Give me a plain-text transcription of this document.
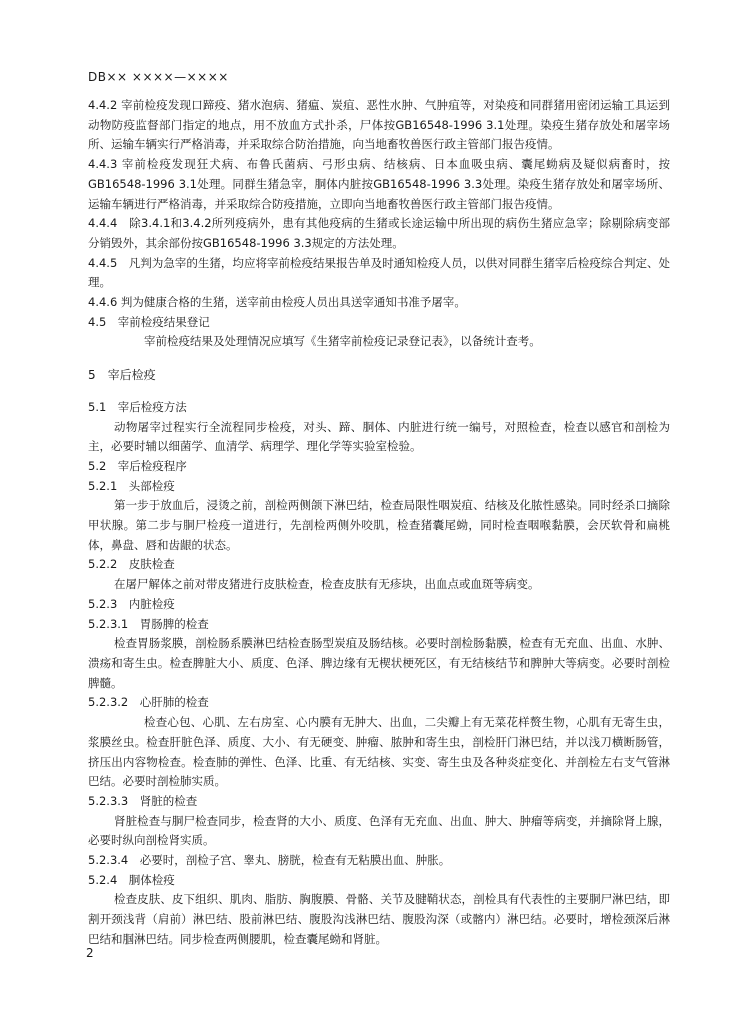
DB×× ××××—××××

4.4.2 宰前检疫发现口蹄疫、猪水泡病、猪瘟、炭疽、恶性水肿、气肿疽等，对染疫和同群猪用密闭运输工具运到动物防疫监督部门指定的地点，用不放血方式扑杀，尸体按GB16548-1996 3.1处理。染疫生猪存放处和屠宰场所、运输车辆实行严格消毒，并采取综合防治措施，向当地畜牧兽医行政主管部门报告疫情。

4.4.3 宰前检疫发现狂犬病、布鲁氏菌病、弓形虫病、结核病、日本血吸虫病、囊尾蚴病及疑似病畜时，按GB16548-1996 3.1处理。同群生猪急宰，胴体内脏按GB16548-1996 3.3处理。染疫生猪存放处和屠宰场所、运输车辆进行严格消毒，并采取综合防疫措施，立即向当地畜牧兽医行政主管部门报告疫情。

4.4.4　除3.4.1和3.4.2所列疫病外，患有其他疫病的生猪或长途运输中所出现的病伤生猪应急宰；除剔除病变部分销毁外，其余部份按GB16548-1996 3.3规定的方法处理。

4.4.5　凡判为急宰的生猪，均应将宰前检疫结果报告单及时通知检疫人员，以供对同群生猪宰后检疫综合判定、处理。

4.4.6 判为健康合格的生猪，送宰前由检疫人员出具送宰通知书准予屠宰。

4.5　宰前检疫结果登记

宰前检疫结果及处理情况应填写《生猪宰前检疫记录登记表》，以备统计查考。

5　宰后检疫

5.1　宰后检疫方法

动物屠宰过程实行全流程同步检疫，对头、蹄、胴体、内脏进行统一编号，对照检查，检查以感官和剖检为主，必要时辅以细菌学、血清学、病理学、理化学等实验室检验。

5.2　宰后检疫程序

5.2.1　头部检疫

第一步于放血后，浸烫之前，剖检两侧颌下淋巴结，检查局限性咽炭疽、结核及化脓性感染。同时经杀口摘除甲状腺。第二步与胴尸检疫一道进行，先剖检两侧外咬肌，检查猪囊尾蚴，同时检查咽喉黏膜，会厌软骨和扁桃体，鼻盘、唇和齿龈的状态。

5.2.2　皮肤检查

在屠尸解体之前对带皮猪进行皮肤检查，检查皮肤有无疹块，出血点或血斑等病变。

5.2.3　内脏检疫

5.2.3.1　胃肠脾的检查

检查胃肠浆膜，剖检肠系膜淋巴结检查肠型炭疽及肠结核。必要时剖检肠黏膜，检查有无充血、出血、水肿、溃疡和寄生虫。检查脾脏大小、质度、色泽、脾边缘有无楔状梗死区，有无结核结节和脾肿大等病变。必要时剖检脾髓。

5.2.3.2　心肝肺的检查

检查心包、心肌、左右房室、心内膜有无肿大、出血，二尖瓣上有无菜花样赘生物，心肌有无寄生虫，浆膜丝虫。检查肝脏色泽、质度、大小、有无硬变、肿瘤、脓肿和寄生虫，剖检肝门淋巴结，并以浅刀横断肠管，挤压出内容物检查。检查肺的弹性、色泽、比重、有无结核、实变、寄生虫及各种炎症变化、并剖检左右支气管淋巴结。必要时剖检肺实质。

5.2.3.3　肾脏的检查

肾脏检查与胴尸检查同步，检查肾的大小、质度、色泽有无充血、出血、肿大、肿瘤等病变，并摘除肾上腺，必要时纵向剖检肾实质。

5.2.3.4　必要时，剖检子宫、睾丸、膀胱，检查有无粘膜出血、肿胀。

5.2.4　胴体检疫

检查皮肤、皮下组织、肌肉、脂肪、胸腹膜、骨骼、关节及腱鞘状态，剖检具有代表性的主要胴尸淋巴结，即割开颈浅背（肩前）淋巴结、股前淋巴结、腹股沟浅淋巴结、腹股沟深（或髂内）淋巴结。必要时，增检颈深后淋巴结和腘淋巴结。同步检查两侧腰肌，检查囊尾蚴和肾脏。

2
